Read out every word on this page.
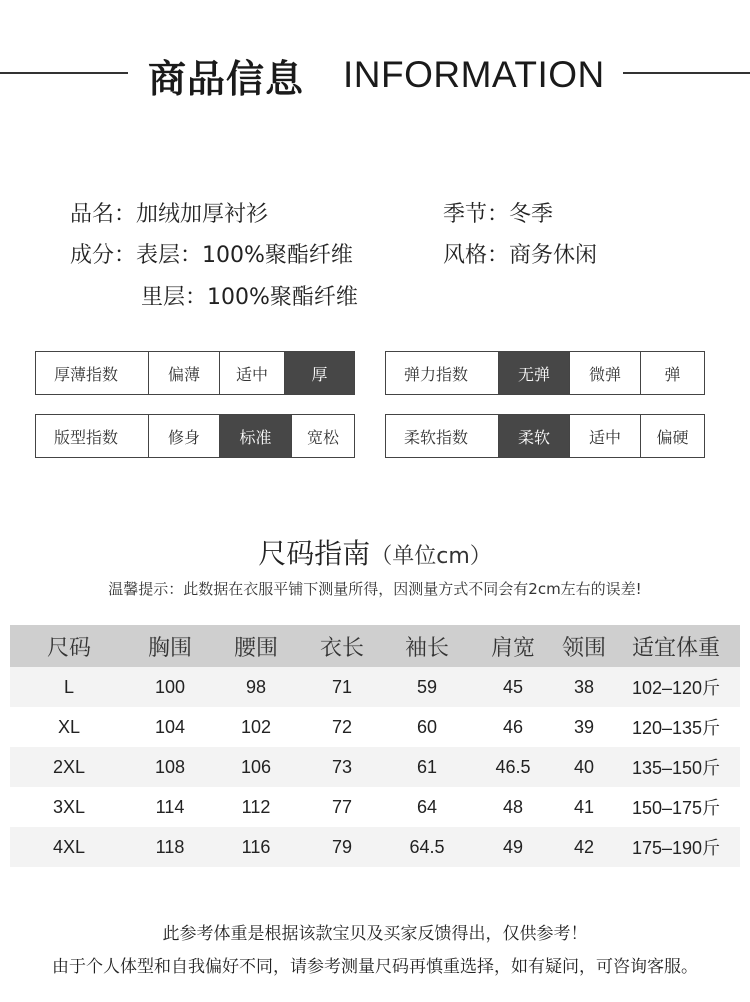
商品信息 INFORMATION
品名：加绒加厚衬衫	季节：冬季
成分：表层：100%聚酯纤维	风格：商务休闲
里层：100%聚酯纤维
厚薄指数	偏薄	适中	厚	弹力指数	无弹	微弹	弹
版型指数	修身	标准	宽松	柔软指数	柔软	适中	偏硬
尺码指南（单位cm）
温馨提示：此数据在衣服平铺下测量所得，因测量方式不同会有2cm左右的误差!
尺码	胸围	腰围	衣长	袖长	肩宽	领围	适宜体重
L	100	98	71	59	45	38	102–120斤
XL	104	102	72	60	46	39	120–135斤
2XL	108	106	73	61	46.5	40	135–150斤
3XL	114	112	77	64	48	41	150–175斤
4XL	118	116	79	64.5	49	42	175–190斤
此参考体重是根据该款宝贝及买家反馈得出，仅供参考！
由于个人体型和自我偏好不同，请参考测量尺码再慎重选择，如有疑问，可咨询客服。
